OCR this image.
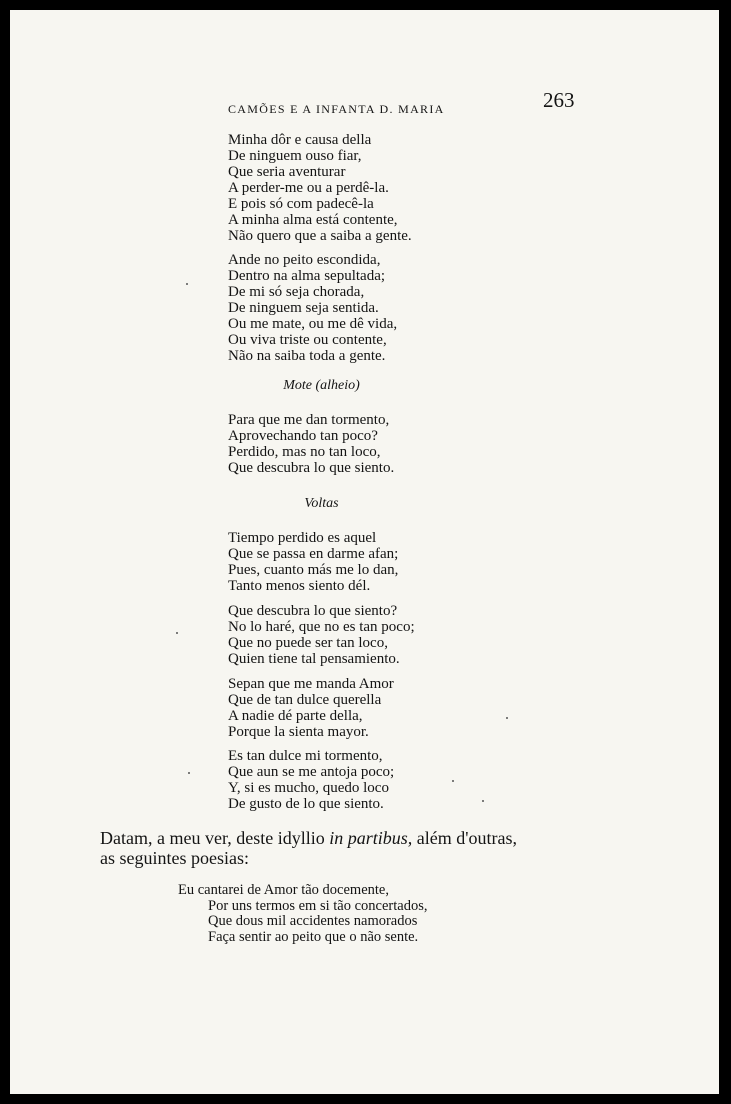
CAMÕES E A INFANTA D. MARIA	263
Minha dôr e causa della
De ninguem ouso fiar,
Que seria aventurar
A perder-me ou a perdê-la.
E pois só com padecê-la
A minha alma está contente,
Não quero que a saiba a gente.
Ande no peito escondida,
Dentro na alma sepultada;
De mi só seja chorada,
De ninguem seja sentida.
Ou me mate, ou me dê vida,
Ou viva triste ou contente,
Não na saiba toda a gente.
Mote (alheio)
Para que me dan tormento,
Aprovechando tan poco?
Perdido, mas no tan loco,
Que descubra lo que siento.
Voltas
Tiempo perdido es aquel
Que se passa en darme afan;
Pues, cuanto más me lo dan,
Tanto menos siento dél.
Que descubra lo que siento?
No lo haré, que no es tan poco;
Que no puede ser tan loco,
Quien tiene tal pensamiento.
Sepan que me manda Amor
Que de tan dulce querella
A nadie dé parte della,
Porque la sienta mayor.
Es tan dulce mi tormento,
Que aun se me antoja poco;
Y, si es mucho, quedo loco
De gusto de lo que siento.
Datam, a meu ver, deste idyllio in partibus, além d'outras,
as seguintes poesias:
Eu cantarei de Amor tão docemente,
Por uns termos em si tão concertados,
Que dous mil accidentes namorados
Faça sentir ao peito que o não sente.
